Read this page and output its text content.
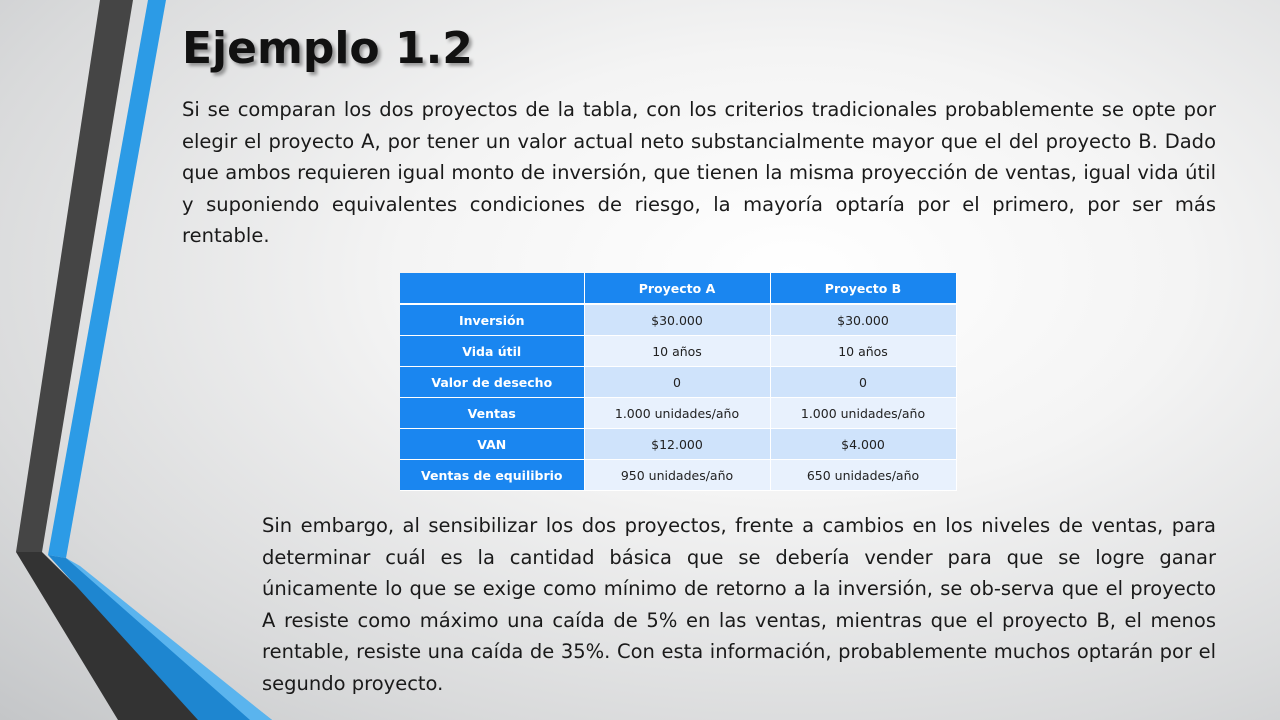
Ejemplo 1.2

Si se comparan los dos proyectos de la tabla, con los criterios tradicionales probablemente se opte por elegir el proyecto A, por tener un valor actual neto substancialmente mayor que el del proyecto B. Dado que ambos requieren igual monto de inversión, que tienen la misma proyección de ventas, igual vida útil y suponiendo equivalentes condiciones de riesgo, la mayoría optaría por el primero, por ser más rentable.

	Proyecto A	Proyecto B
Inversión	$30.000	$30.000
Vida útil	10 años	10 años
Valor de desecho	0	0
Ventas	1.000 unidades/año	1.000 unidades/año
VAN	$12.000	$4.000
Ventas de equilibrio	950 unidades/año	650 unidades/año

Sin embargo, al sensibilizar los dos proyectos, frente a cambios en los niveles de ventas, para determinar cuál es la cantidad básica que se debería vender para que se logre ganar únicamente lo que se exige como mínimo de retorno a la inversión, se ob-serva que el proyecto A resiste como máximo una caída de 5% en las ventas, mientras que el proyecto B, el menos rentable, resiste una caída de 35%. Con esta información, probablemente muchos optarán por el segundo proyecto.
